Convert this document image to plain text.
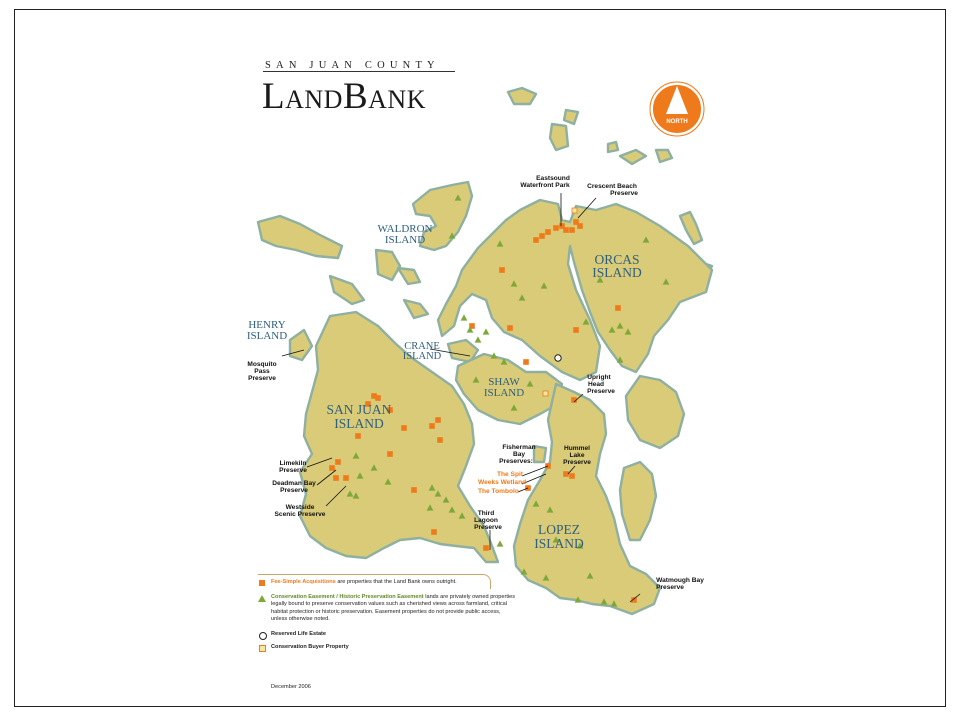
SAN JUAN COUNTY
LANDBANK
NORTH
WALDRON ISLAND
HENRY ISLAND
CRANE ISLAND
SHAW ISLAND
ORCAS ISLAND
SAN JUAN ISLAND
LOPEZ ISLAND
Eastsound Waterfront Park	Crescent Beach Preserve
Mosquito Pass Preserve	Upright Head Preserve
Fisherman Bay Preserves:
Hummel Lake Preserve
Limekiln Preserve
Deadman Bay Preserve
Westside Scenic Preserve	Third Lagoon Preserve
Watmough Bay Preserve
The Spit
Weeks Wetland
The Tombolo
Fee-Simple Acquisitions are properties that the Land Bank owns outright.
Conservation Easement / Historic Preservation Easement lands are privately owned properties legally bound to preserve conservation values such as cherished views across farmland, critical habitat protection or historic preservation. Easement properties do not provide public access, unless otherwise noted.
Reserved Life Estate
Conservation Buyer Property
December 2006
